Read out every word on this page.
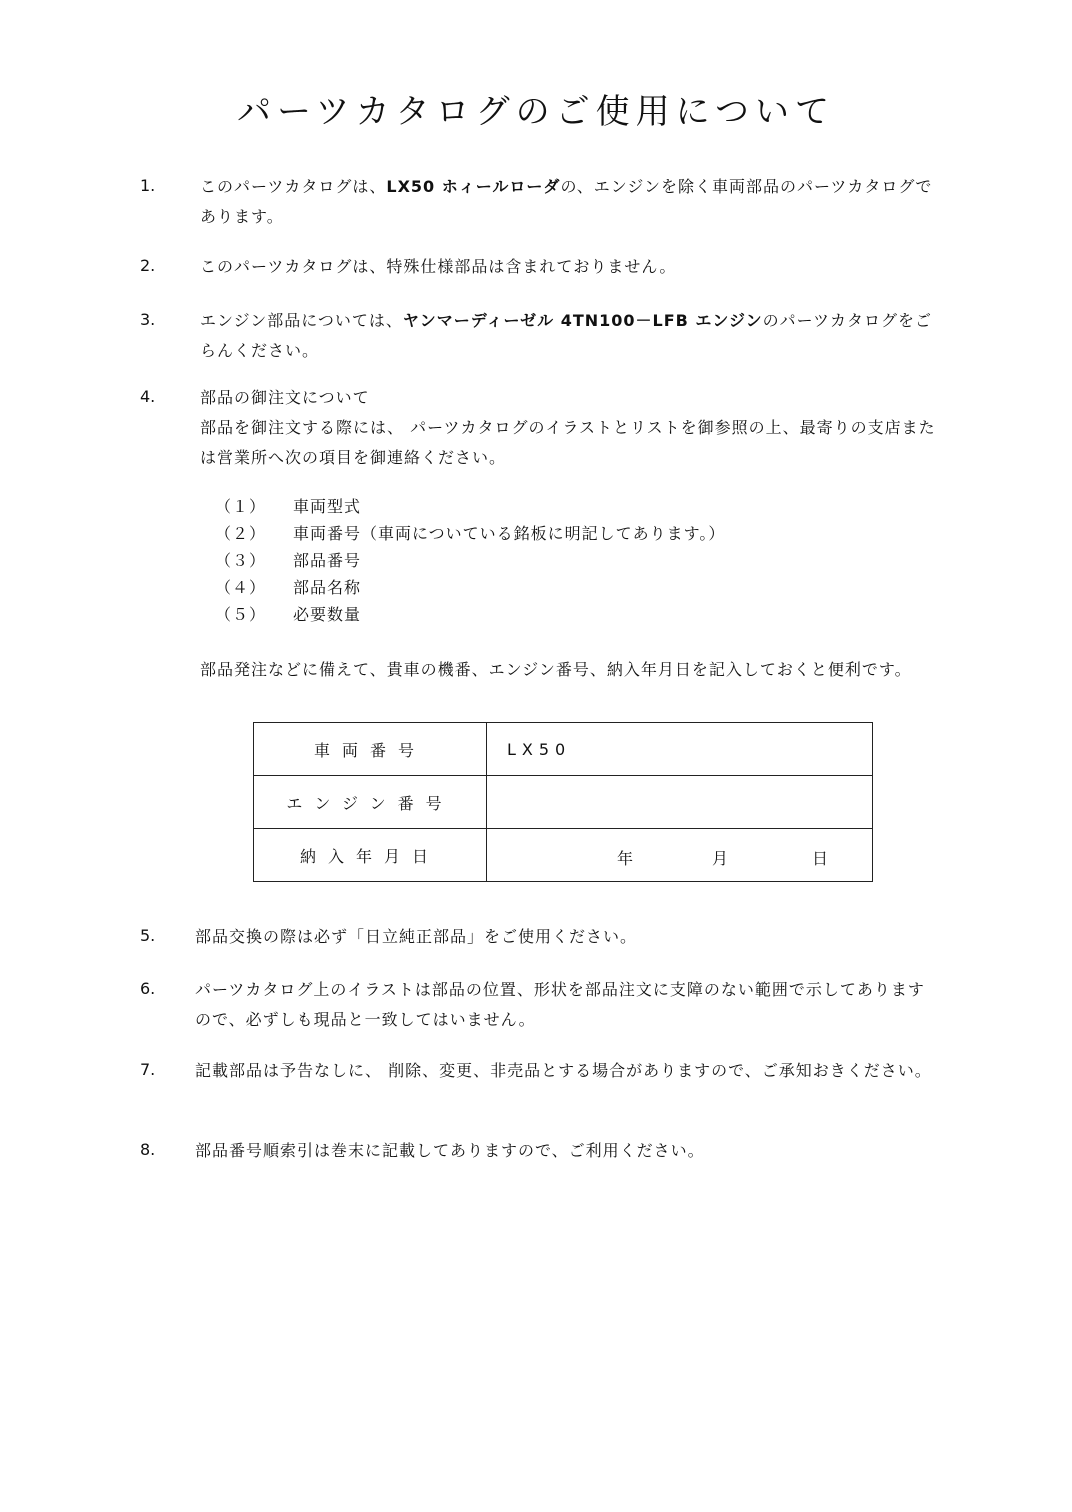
パーツカタログのご使用について
1.	このパーツカタログは、LX50 ホィールローダの、エンジンを除く車両部品のパーツカタログであります。
2.	このパーツカタログは、特殊仕様部品は含まれておりません。
3.	エンジン部品については、ヤンマーディーゼル 4TN100－LFB エンジンのパーツカタログをごらんください。
4.	部品の御注文について
部品を御注文する際には、 パーツカタログのイラストとリストを御参照の上、最寄りの支店または営業所へ次の項目を御連絡ください。
（１）	車両型式
（２）	車両番号（車両についている銘板に明記してあります。）
（３）	部品番号
（４）	部品名称
（５）	必要数量
部品発注などに備えて、貴車の機番、エンジン番号、納入年月日を記入しておくと便利です。
車両番号	LX50
エンジン番号	
納入年月日	年 月 日
5. 部品交換の際は必ず「日立純正部品」をご使用ください。
6. パーツカタログ上のイラストは部品の位置、形状を部品注文に支障のない範囲で示してありますので、必ずしも現品と一致してはいません。
7. 記載部品は予告なしに、 削除、変更、非売品とする場合がありますので、ご承知おきください。
8. 部品番号順索引は巻末に記載してありますので、ご利用ください。
